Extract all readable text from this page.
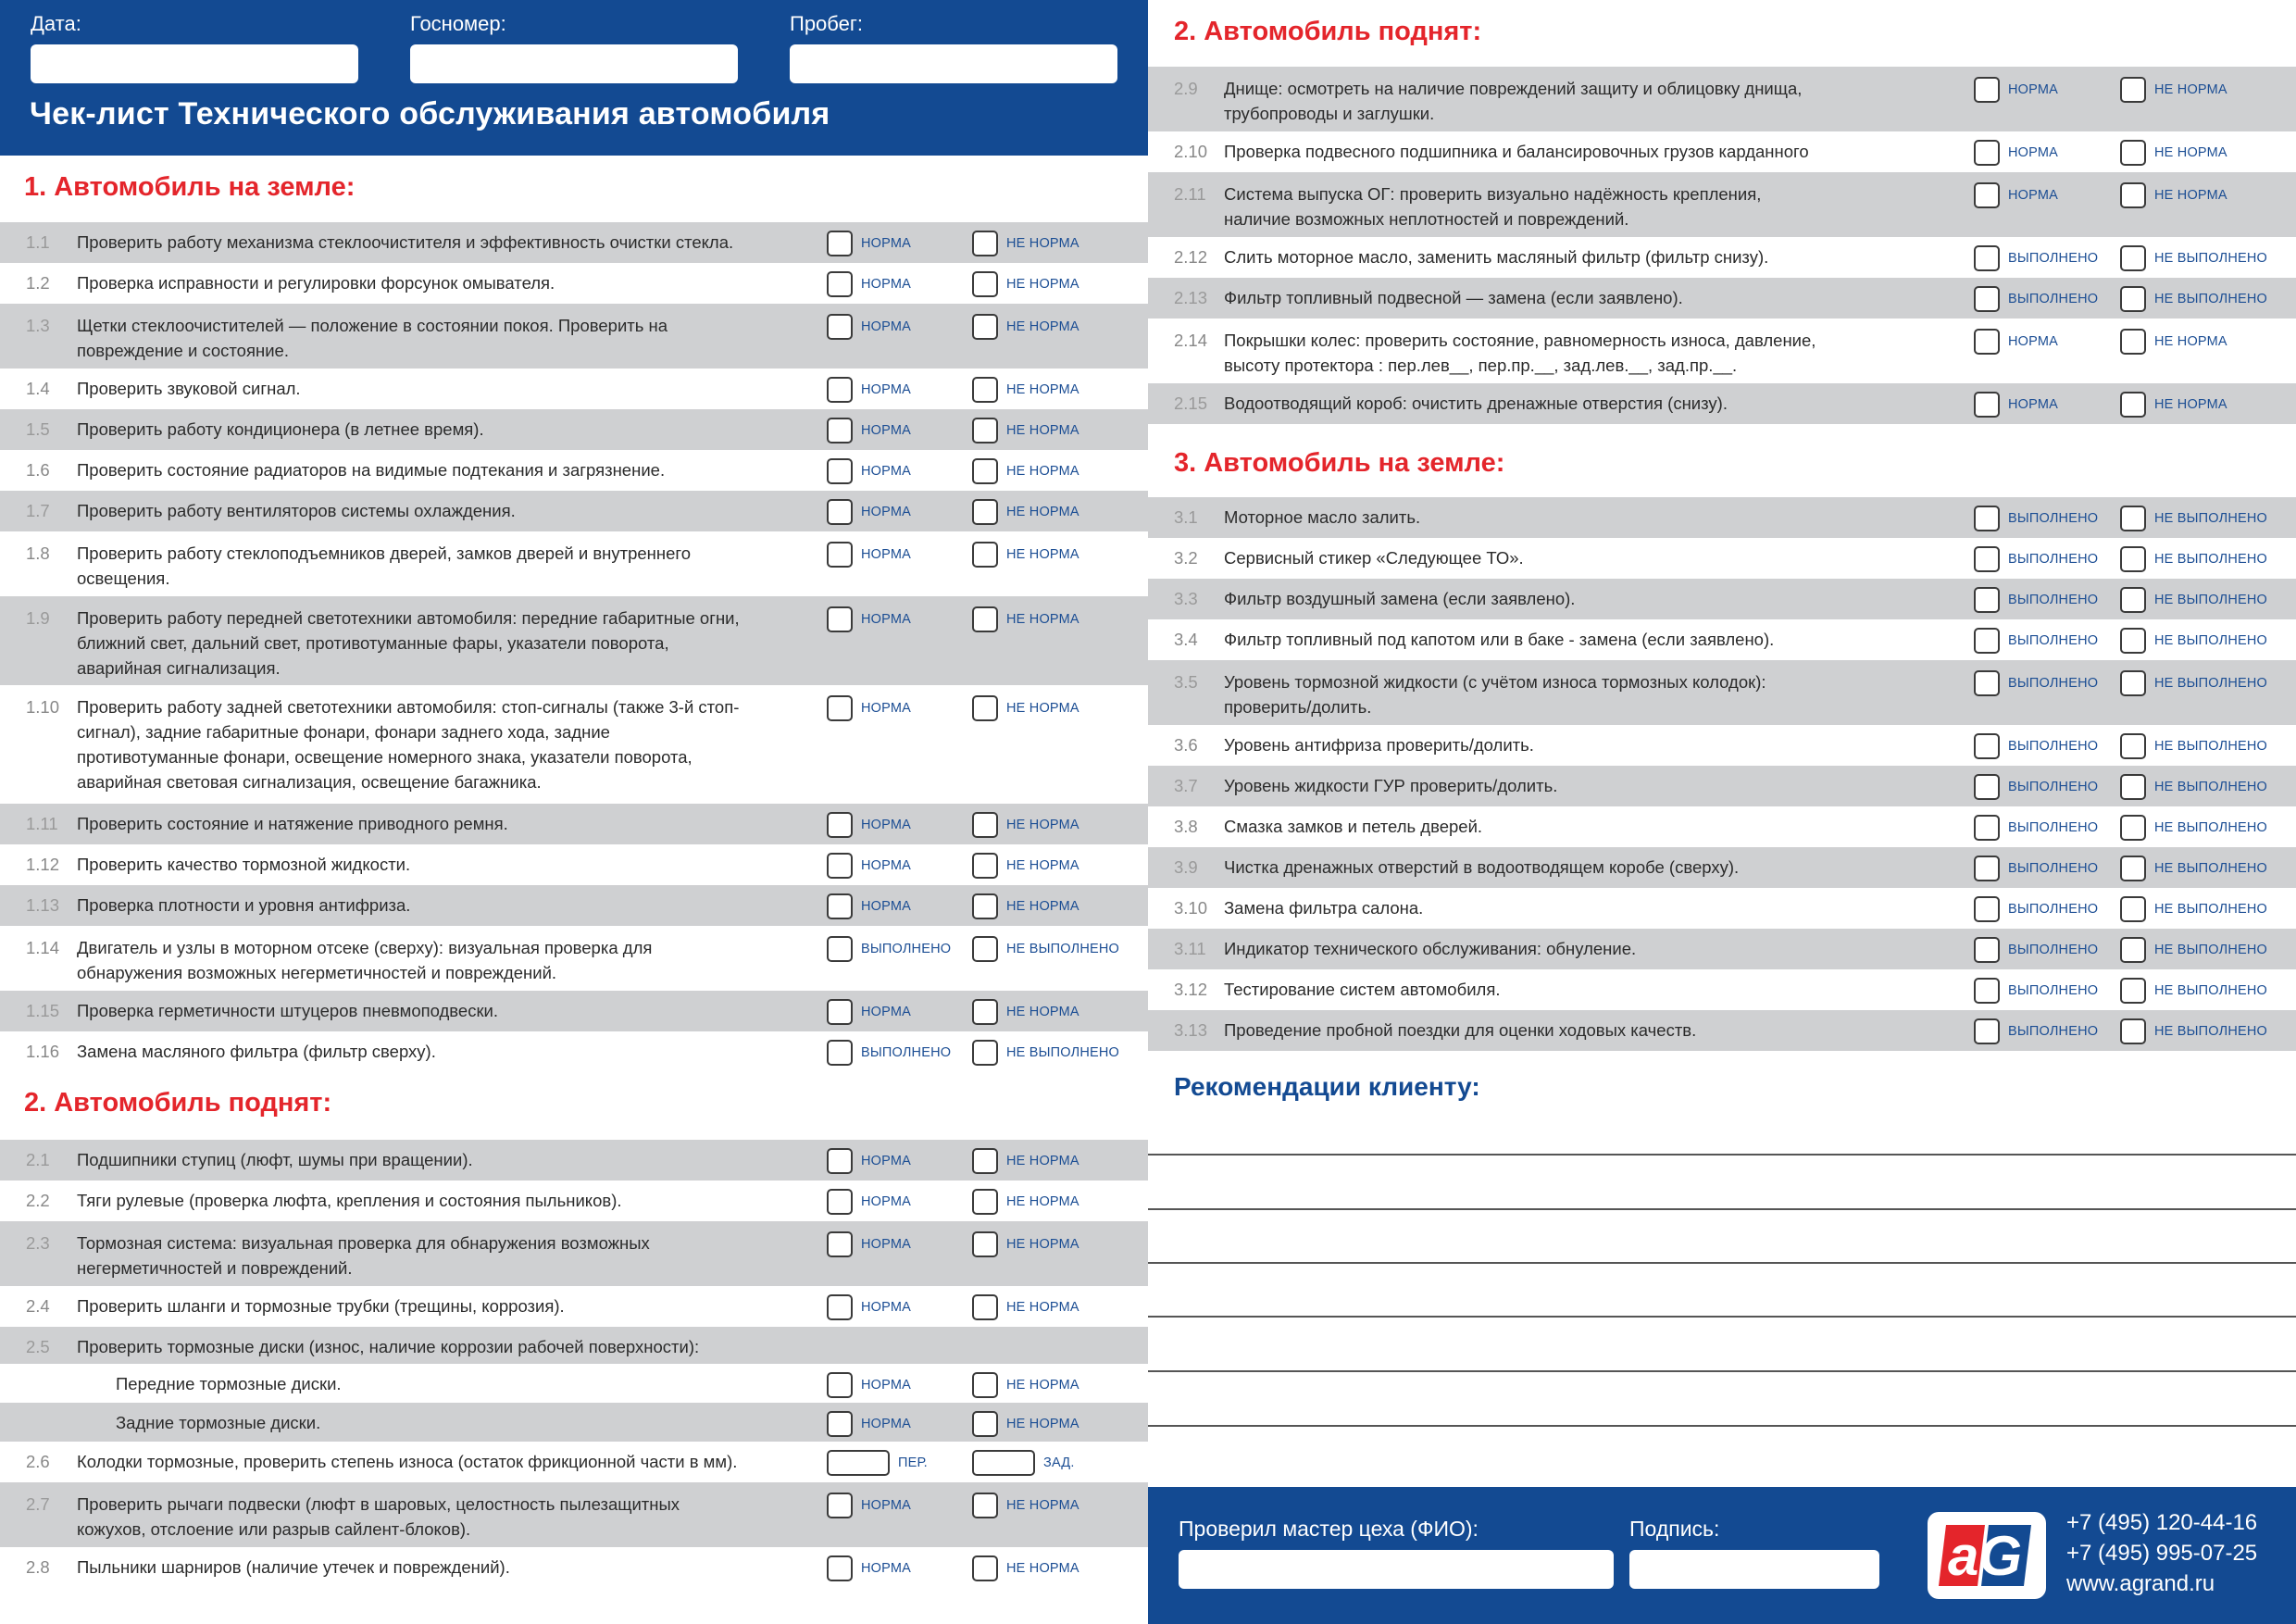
Дата:	Госномер:	Пробег:
Чек-лист Технического обслуживания автомобиля
1. Автомобиль на земле:
1.1 Проверить работу механизма стеклоочистителя и эффективность очистки стекла.	НОРМА	НЕ НОРМА
1.2 Проверка исправности и регулировки форсунок омывателя.	НОРМА	НЕ НОРМА
1.3 Щетки стеклоочистителей — положение в состоянии покоя. Проверить на повреждение и состояние.
НОРМА	НЕ НОРМА
1.4 Проверить звуковой сигнал.	НОРМА	НЕ НОРМА
1.5 Проверить работу кондиционера (в летнее время).	НОРМА	НЕ НОРМА
1.6 Проверить состояние радиаторов на видимые подтекания и загрязнение.	НОРМА	НЕ НОРМА
1.7 Проверить работу вентиляторов системы охлаждения.	НОРМА	НЕ НОРМА
1.8 Проверить работу стеклоподъемников дверей, замков дверей и внутреннего освещения.
НОРМА	НЕ НОРМА
1.9 Проверить работу передней светотехники автомобиля: передние габаритные огни, ближний свет, дальний свет, противотуманные фары, указатели поворота, аварийная сигнализация.
НОРМА	НЕ НОРМА
1.10 Проверить работу задней светотехники автомобиля: стоп-сигналы (также 3-й стоп-сигнал), задние габаритные фонари, фонари заднего хода, задние противотуманные фонари, освещение номерного знака, указатели поворота, аварийная световая сигнализация, освещение багажника.
НОРМА	НЕ НОРМА
1.11 Проверить состояние и натяжение приводного ремня.	НОРМА	НЕ НОРМА
1.12 Проверить качество тормозной жидкости.	НОРМА	НЕ НОРМА
1.13 Проверка плотности и уровня антифриза.	НОРМА	НЕ НОРМА
1.14 Двигатель и узлы в моторном отсеке (сверху): визуальная проверка для обнаружения возможных негерметичностей и повреждений.
ВЫПОЛНЕНО	НЕ ВЫПОЛНЕНО
1.15 Проверка герметичности штуцеров пневмоподвески.	НОРМА	НЕ НОРМА
1.16 Замена масляного фильтра (фильтр сверху).	ВЫПОЛНЕНО	НЕ ВЫПОЛНЕНО
2. Автомобиль поднят:
2.1 Подшипники ступиц (люфт, шумы при вращении).	НОРМА	НЕ НОРМА
2.2 Тяги рулевые (проверка люфта, крепления и состояния пыльников).	НОРМА	НЕ НОРМА
2.3 Тормозная система: визуальная проверка для обнаружения возможных негерметичностей и повреждений.
НОРМА	НЕ НОРМА
2.4 Проверить шланги и тормозные трубки (трещины, коррозия).	НОРМА	НЕ НОРМА
2.5 Проверить тормозные диски (износ, наличие коррозии рабочей поверхности):
Передние тормозные диски.	НОРМА	НЕ НОРМА
Задние тормозные диски.	НОРМА	НЕ НОРМА
2.6 Колодки тормозные, проверить степень износа (остаток фрикционной части в мм).	ПЕР.	ЗАД.
2.7 Проверить рычаги подвески (люфт в шаровых, целостность пылезащитных кожухов, отслоение или разрыв сайлент-блоков).
НОРМА	НЕ НОРМА
2.8 Пыльники шарниров (наличие утечек и повреждений).	НОРМА	НЕ НОРМА
2. Автомобиль поднят:
2.9 Днище: осмотреть на наличие повреждений защиту и облицовку днища, трубопроводы и заглушки.
НОРМА	НЕ НОРМА
2.10 Проверка подвесного подшипника и балансировочных грузов карданного	НОРМА	НЕ НОРМА
2.11 Система выпуска ОГ: проверить визуально надёжность крепления, наличие возможных неплотностей и повреждений.
НОРМА	НЕ НОРМА
2.12 Слить моторное масло, заменить масляный фильтр (фильтр снизу).	ВЫПОЛНЕНО	НЕ ВЫПОЛНЕНО
2.13 Фильтр топливный подвесной — замена (если заявлено).	ВЫПОЛНЕНО	НЕ ВЫПОЛНЕНО
2.14 Покрышки колес: проверить состояние, равномерность износа, давление, высоту протектора : пер.лев__, пер.пр.__, зад.лев.__, зад.пр.__.
НОРМА	НЕ НОРМА
2.15 Водоотводящий короб: очистить дренажные отверстия (снизу).	НОРМА	НЕ НОРМА
3. Автомобиль на земле:
3.1 Моторное масло залить.	ВЫПОЛНЕНО	НЕ ВЫПОЛНЕНО
3.2 Сервисный стикер «Следующее ТО».	ВЫПОЛНЕНО	НЕ ВЫПОЛНЕНО
3.3 Фильтр воздушный замена (если заявлено).	ВЫПОЛНЕНО	НЕ ВЫПОЛНЕНО
3.4 Фильтр топливный под капотом или в баке - замена (если заявлено).	ВЫПОЛНЕНО	НЕ ВЫПОЛНЕНО
3.5 Уровень тормозной жидкости (с учётом износа тормозных колодок): проверить/долить.
ВЫПОЛНЕНО	НЕ ВЫПОЛНЕНО
3.6 Уровень антифриза проверить/долить.	ВЫПОЛНЕНО	НЕ ВЫПОЛНЕНО
3.7 Уровень жидкости ГУР проверить/долить.	ВЫПОЛНЕНО	НЕ ВЫПОЛНЕНО
3.8 Смазка замков и петель дверей.	ВЫПОЛНЕНО	НЕ ВЫПОЛНЕНО
3.9 Чистка дренажных отверстий в водоотводящем коробе (сверху).	ВЫПОЛНЕНО	НЕ ВЫПОЛНЕНО
3.10 Замена фильтра салона.	ВЫПОЛНЕНО	НЕ ВЫПОЛНЕНО
3.11 Индикатор технического обслуживания: обнуление.	ВЫПОЛНЕНО	НЕ ВЫПОЛНЕНО
3.12 Тестирование систем автомобиля.	ВЫПОЛНЕНО	НЕ ВЫПОЛНЕНО
3.13 Проведение пробной поездки для оценки ходовых качеств.	ВЫПОЛНЕНО	НЕ ВЫПОЛНЕНО
Рекомендации клиенту:
Проверил мастер цеха (ФИО):	Подпись:	aG
+7 (495) 120-44-16
+7 (495) 995-07-25
www.agrand.ru
